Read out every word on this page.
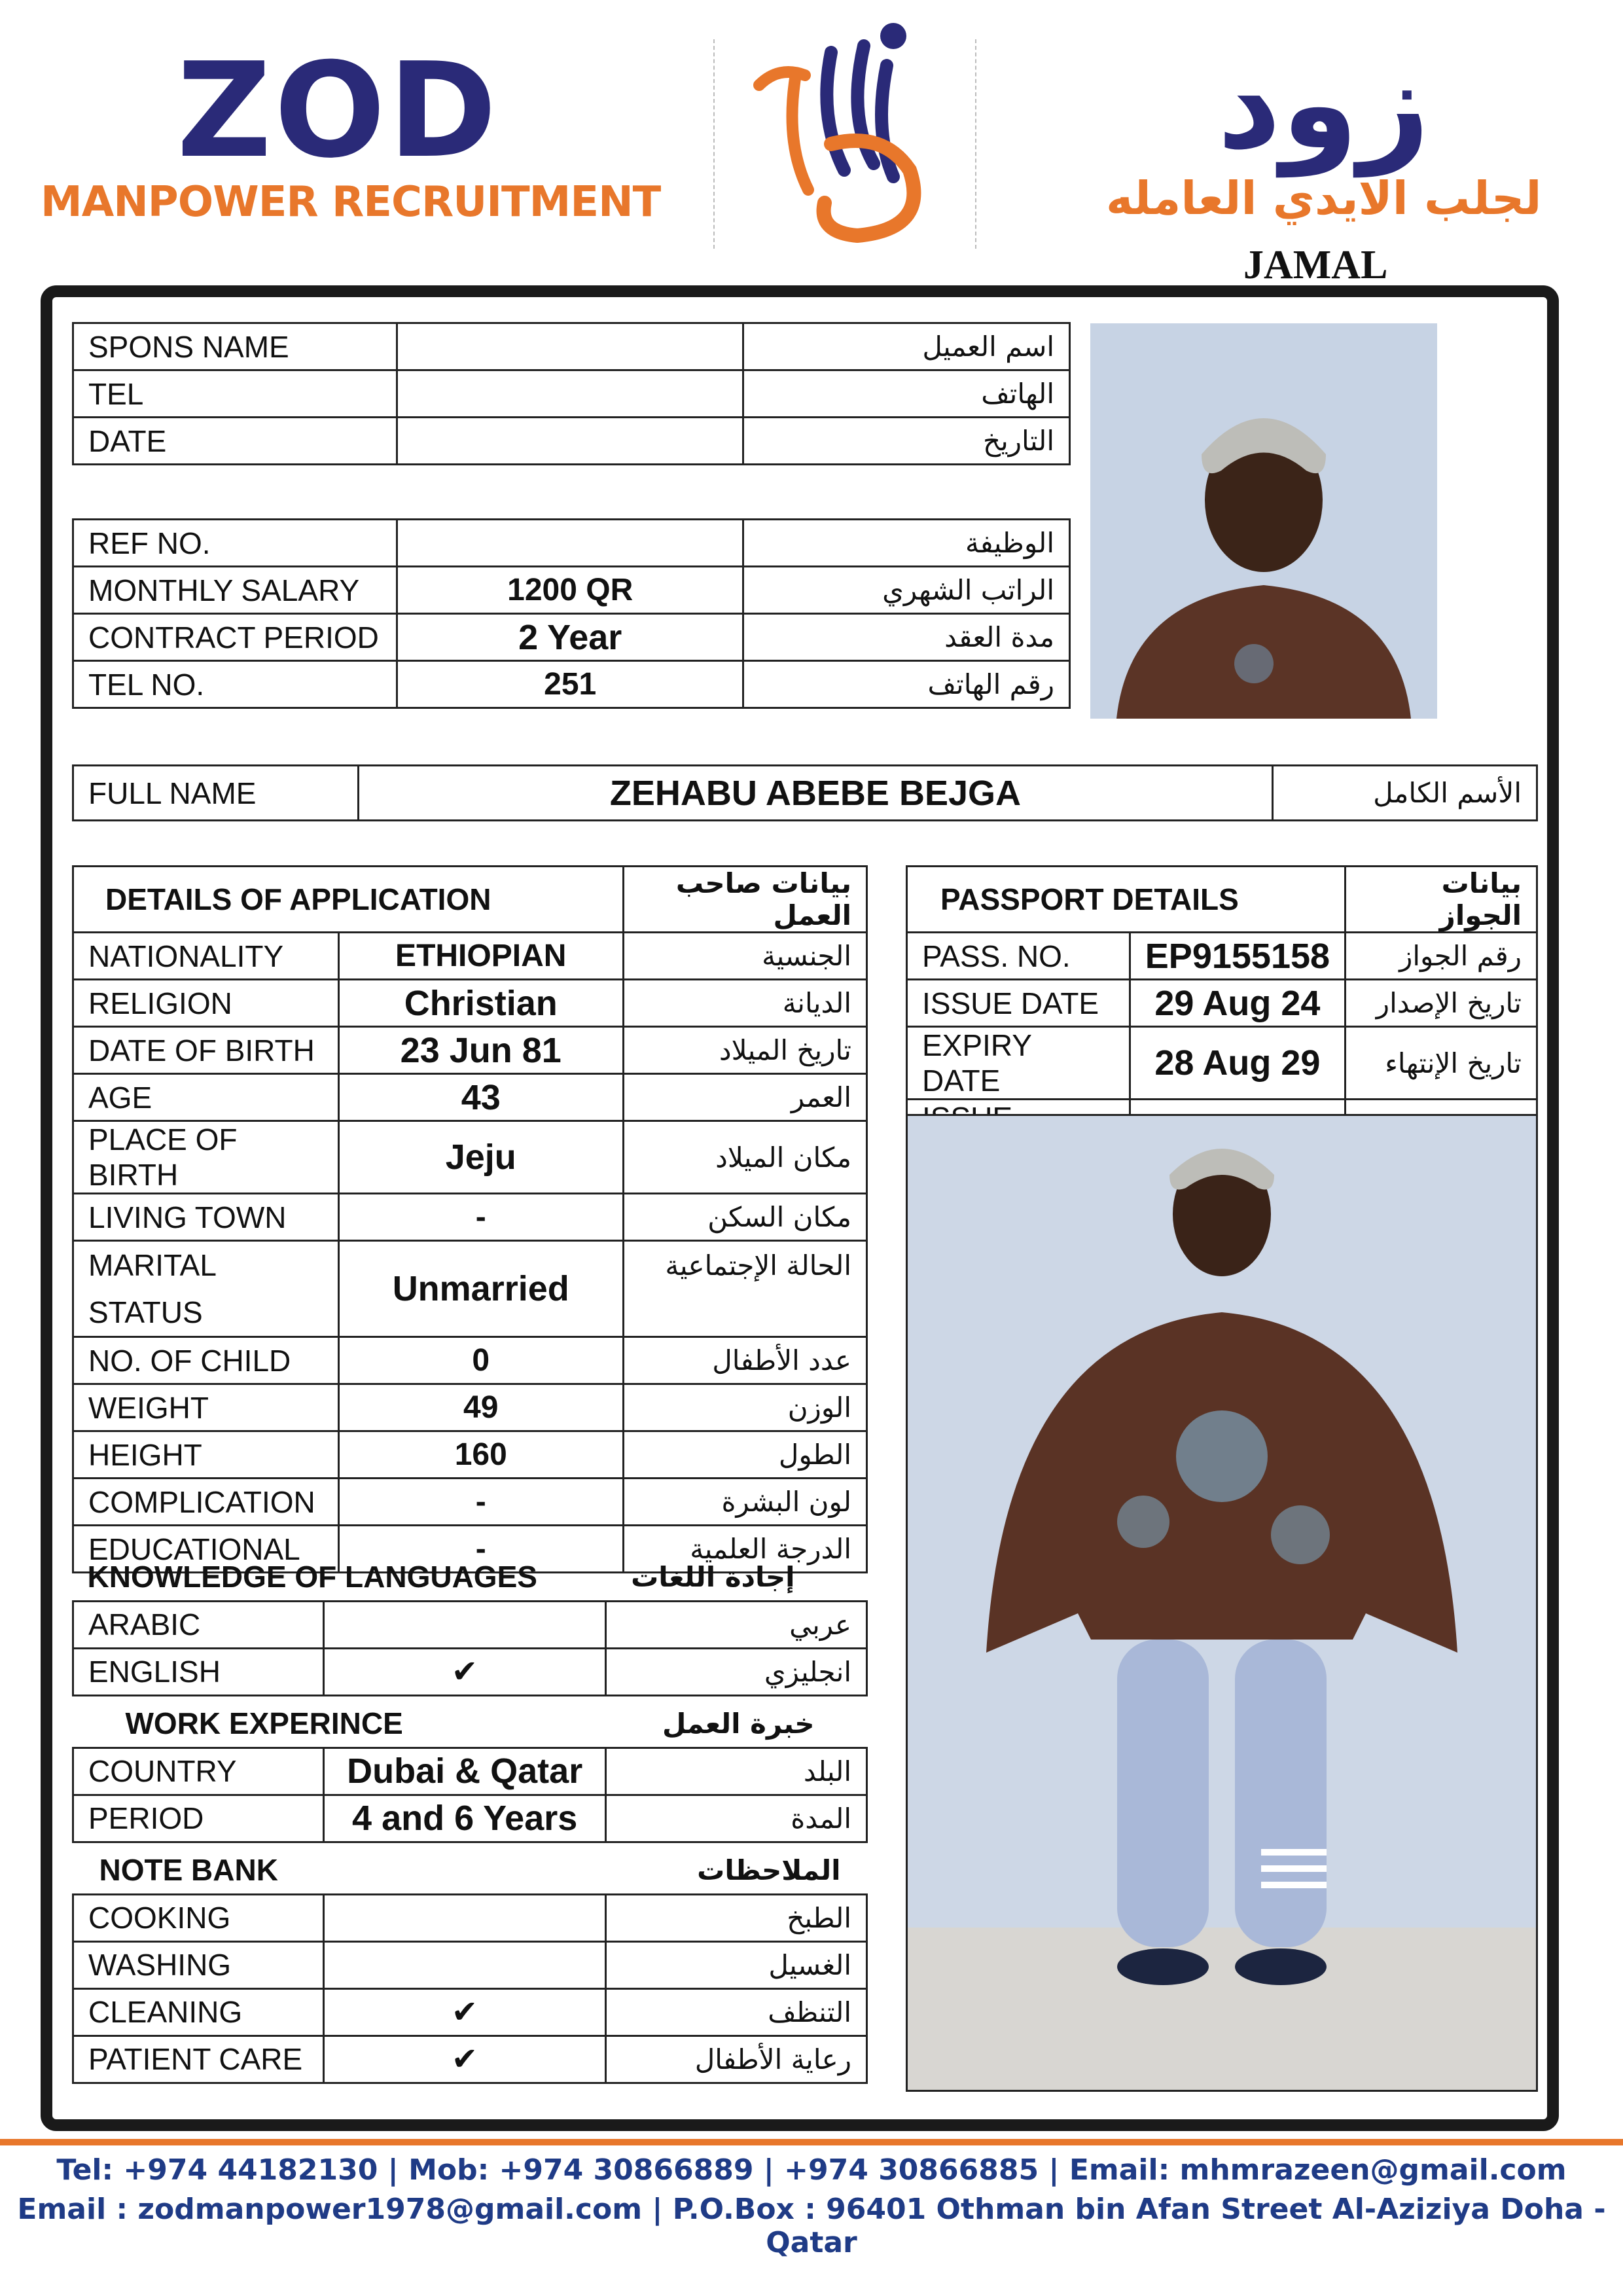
ZOD
MANPOWER RECRUITMENT
زود
لجلب الايدي العامله
JAMAL
SPONS NAME		اسم العميل
TEL		الهاتف
DATE		التاريخ
REF NO.		الوظيفة
MONTHLY SALARY	1200 QR	الراتب الشهري
CONTRACT PERIOD	2 Year	مدة العقد
TEL NO.	251	رقم الهاتف
FULL NAME	ZEHABU ABEBE BEJGA	الأسم الكامل
DETAILS OF APPLICATION		بيانات صاحب العمل
NATIONALITY	ETHIOPIAN	الجنسية
RELIGION	Christian	الديانة
DATE OF BIRTH	23 Jun 81	تاريخ الميلاد
AGE	43	العمر
PLACE OF BIRTH	Jeju	مكان الميلاد
LIVING TOWN	-	مكان السكن
MARITAL
STATUS	Unmarried	الحالة الإجتماعية
NO. OF CHILD	0	عدد الأطفال
WEIGHT	49	الوزن
HEIGHT	160	الطول
COMPLICATION	-	لون البشرة
EDUCATIONAL	-	الدرجة العلمية
KNOWLEDGE OF LANGUAGES		إجادة اللغات
ARABIC		عربي
ENGLISH	✔	انجليزي
WORK EXPERINCE		خبرة العمل
COUNTRY	Dubai & Qatar	البلد
PERIOD	4 and 6 Years	المدة
NOTE BANK		الملاحظات
COOKING		الطبخ
WASHING		الغسيل
CLEANING	✔	التنظف
PATIENT CARE	✔	رعاية الأطفال
PASSPORT DETAILS		بيانات الجواز
PASS. NO.	EP9155158	رقم الجواز
ISSUE DATE	29 Aug 24	تاريخ الإصدار
EXPIRY DATE	28 Aug 29	تاريخ الإنتهاء

Tel: +974 44182130 | Mob: +974 30866889 | +974 30866885 | Email: mhmrazeen@gmail.com
Email : zodmanpower1978@gmail.com | P.O.Box : 96401 Othman bin Afan Street Al-Aziziya Doha - Qatar
